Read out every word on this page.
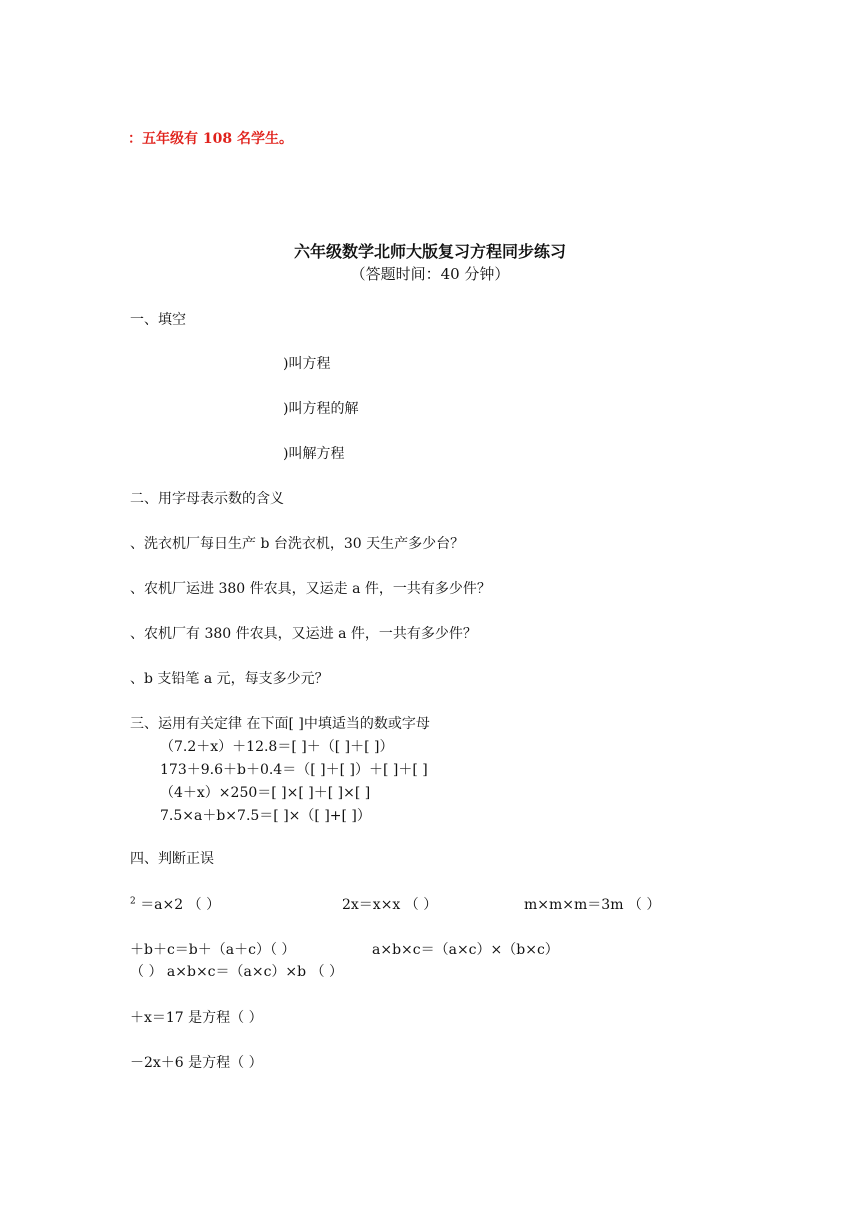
：五年级有 108 名学生。
六年级数学北师大版复习方程同步练习
（答题时间：40 分钟）
一、填空
)叫方程
)叫方程的解
)叫解方程
二、用字母表示数的含义
、洗衣机厂每日生产 b 台洗衣机，30 天生产多少台？
、农机厂运进 380 件农具，又运走 a 件，一共有多少件？
、农机厂有 380 件农具，又运进 a 件，一共有多少件？
、b 支铅笔 a 元，每支多少元？
三、运用有关定律 在下面[ ]中填适当的数或字母
（7.2＋x）＋12.8＝[ ]＋（[ ]＋[ ]）
173＋9.6＋b＋0.4＝（[ ]＋[ ]）＋[ ]＋[ ]
（4＋x）×250＝[ ]×[ ]＋[ ]×[ ]
7.5×a＋b×7.5＝[ ]×（[ ]+[ ]）
四、判断正误
$^2$ ＝a×2 （ ）	2x＝x×x （ ）	m×m×m＝3m （ ）
＋b＋c＝b＋（a＋c）（ ）	a×b×c＝（a×c）×（b×c）
（ ） a×b×c＝（a×c）×b （ ）
＋x＝17 是方程（ ）
－2x＋6 是方程（ ）
